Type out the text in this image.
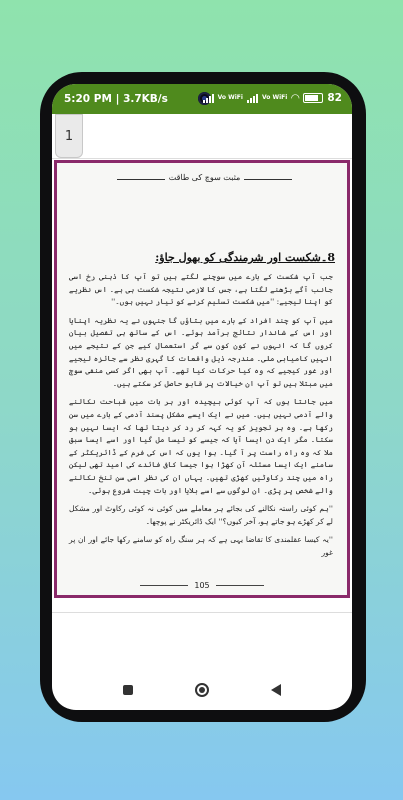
5:20 PM | 3.7KB/s	Vo WiFi	Vo WiFi ◠	82
1
مثبت سوچ کی طاقت
8۔شکست اور شرمندگی کو بھول جاؤ:

جب آپ شکست کے بارے میں سوچنے لگتے ہیں تو آپ کا ذہنی رخ اسی جانب آگے بڑھنے لگتا ہے، جس کا لازمی نتیجہ شکست ہی ہے۔ اس نظریے کو اپنا لیجیے: ''میں شکست تسلیم کرنے کو تیار نہیں ہوں۔''

میں آپ کو چند افراد کے بارے میں بتاؤں گا جنہوں نے یہ نظریہ اپنایا اور اس کے شاندار نتائج برآمد ہوئے۔ اس کے ساتھ ہی تفصیل بیان کروں گا کہ انہوں نے کون کون سے گر استعمال کیے جن کے نتیجے میں انہیں کامیابی ملی۔ مندرجہ ذیل واقعات کا گہری نظر سے جائزہ لیجیے اور غور کیجیے کہ وہ کیا حرکات کیا تھے۔ آپ بھی اگر کسی منفی سوچ میں مبتلا ہیں تو آپ ان خیالات پر قابو حاصل کر سکتے ہیں۔

میں جانتا ہوں کہ آپ کوئی بیچیدہ اور ہر بات میں قباحت نکالنے والے آدمی نہیں ہیں۔ میں نے ایک ایسے مشکل پسند آدمی کے بارے میں سن رکھا ہے۔ وہ ہر تجویز کو یہ کہہ کر رد کر دیتا تھا کہ ایسا نہیں ہو سکتا۔ مگر ایک دن ایسا آیا کہ جیسے کو تیسا مل گیا اور اسے ایسا سبق ملا کہ وہ راہ راست پر آ گیا۔ ہوا یوں کہ اس کی فرم کے ڈائریکٹر کے سامنے ایک ایسا مسئلہ آن کھڑا ہوا جیسا کافی فائدے کی امید تھی لیکن راہ میں چند رکاوٹیں کھڑی تھیں۔ یہاں ان کی نظر اسی سن تنخ نکالنے والے شخص پر پڑی۔ ان لوگوں سے اسے بلایا اور بات چیت شروع ہوئی۔

''ہم کوئی راستہ نکالنے کی بجائے ہر معاملے میں کوئی نہ کوئی رکاوٹ اور مشکل لے کر کھڑے ہو جاتے ہو، آخر کیوں؟'' ایک ڈائریکٹر نے پوچھا۔

''یہ کیسا عقلمندی کا تقاضا یہی ہے کہ ہر سنگ راہ کو سامنے رکھا جائے اور ان پر غور

105
